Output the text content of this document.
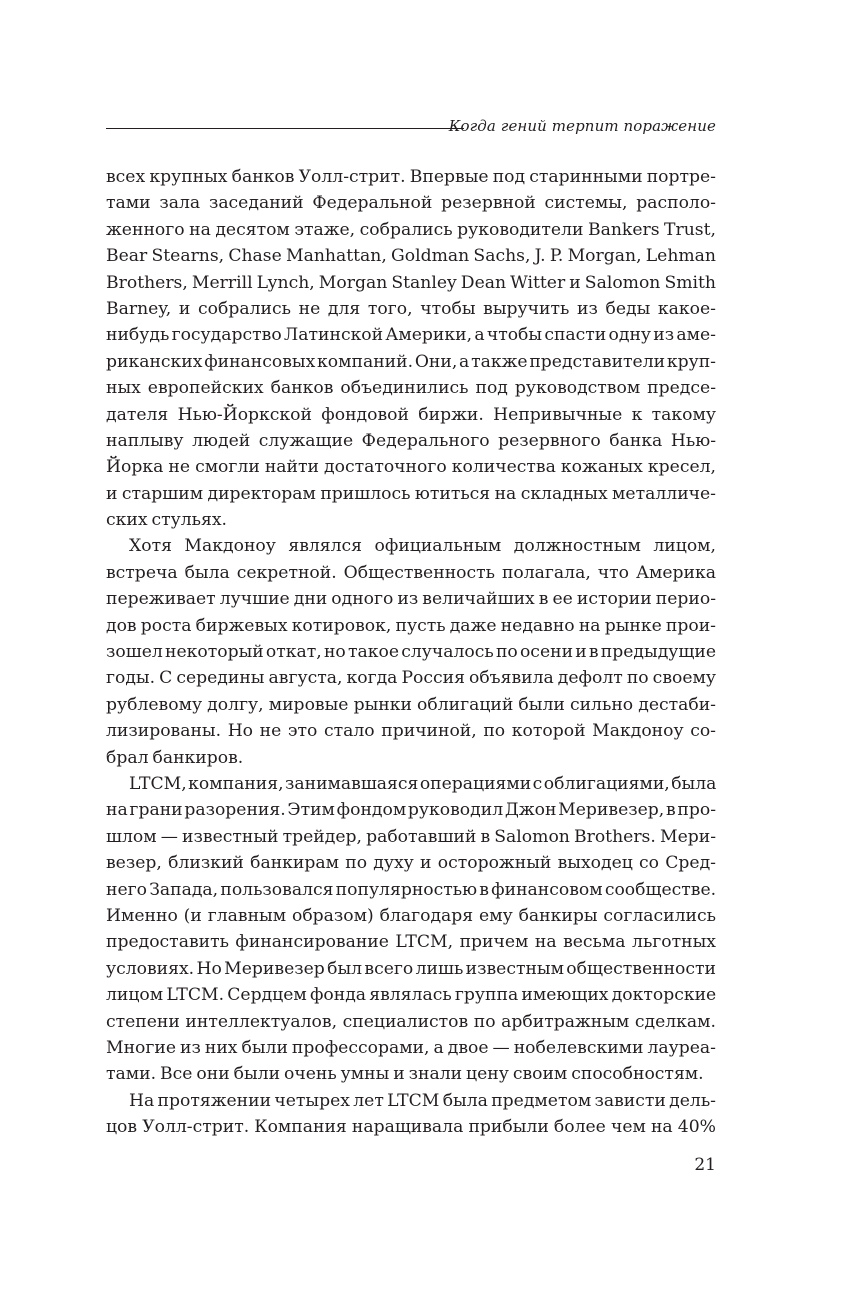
Когда гений терпит поражение
всех крупных банков Уолл-стрит. Впервые под старинными портре-
тами зала заседаний Федеральной резервной системы, располо-
женного на десятом этаже, собрались руководители Bankers Trust,
Bear Stearns, Chase Manhattan, Goldman Sachs, J. P. Morgan, Lehman
Brothers, Merrill Lynch, Morgan Stanley Dean Witter и Salomon Smith
Barney, и собрались не для того, чтобы выручить из беды какое-
нибудь государство Латинской Америки, а чтобы спасти одну из аме-
риканских финансовых компаний. Они, а также представители круп-
ных европейских банков объединились под руководством предсе-
дателя Нью-Йоркской фондовой биржи. Непривычные к такому
наплыву людей служащие Федерального резервного банка Нью-
Йорка не смогли найти достаточного количества кожаных кресел,
и старшим директорам пришлось ютиться на складных металличе-
ских стульях.
Хотя Макдоноу являлся официальным должностным лицом,
встреча была секретной. Общественность полагала, что Америка
переживает лучшие дни одного из величайших в ее истории перио-
дов роста биржевых котировок, пусть даже недавно на рынке прои-
зошел некоторый откат, но такое случалось по осени и в предыдущие
годы. С середины августа, когда Россия объявила дефолт по своему
рублевому долгу, мировые рынки облигаций были сильно дестаби-
лизированы. Но не это стало причиной, по которой Макдоноу со-
брал банкиров.
LTCM, компания, занимавшаяся операциями с облигациями, была
на грани разорения. Этим фондом руководил Джон Меривезер, в про-
шлом — известный трейдер, работавший в Salomon Brothers. Мери-
везер, близкий банкирам по духу и осторожный выходец со Сред-
него Запада, пользовался популярностью в финансовом сообществе.
Именно (и главным образом) благодаря ему банкиры согласились
предоставить финансирование LTCM, причем на весьма льготных
условиях. Но Меривезер был всего лишь известным общественности
лицом LTCM. Сердцем фонда являлась группа имеющих докторские
степени интеллектуалов, специалистов по арбитражным сделкам.
Многие из них были профессорами, а двое — нобелевскими лауреа-
тами. Все они были очень умны и знали цену своим способностям.
На протяжении четырех лет LTCM была предметом зависти дель-
цов Уолл-стрит. Компания наращивала прибыли более чем на 40%
21
